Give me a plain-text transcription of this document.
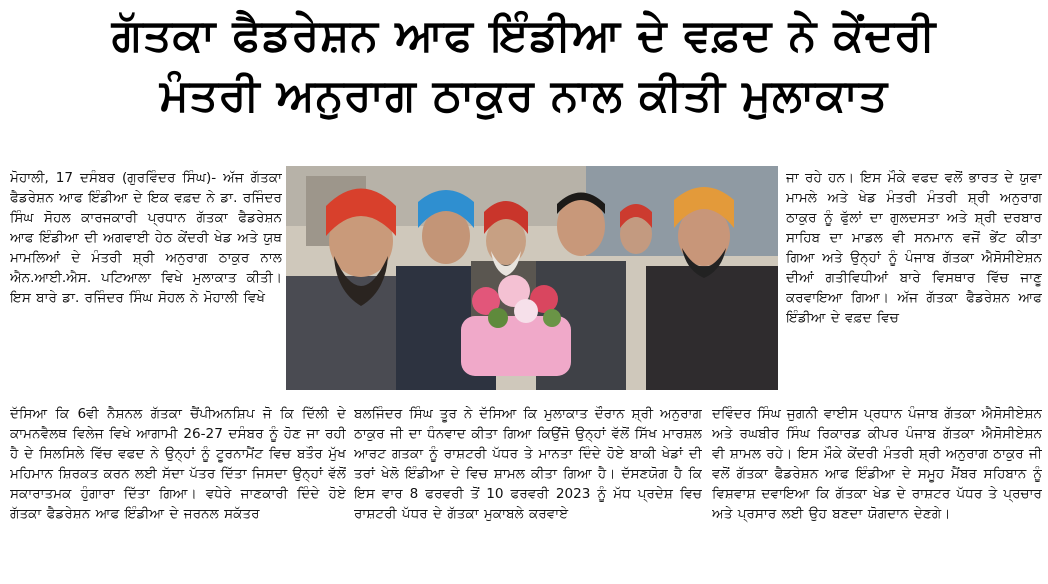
ਗੱਤਕਾ ਫੈਡਰੇਸ਼ਨ ਆਫ ਇੰਡੀਆ ਦੇ ਵਫ਼ਦ ਨੇ ਕੇਂਦਰੀ
ਮੰਤਰੀ ਅਨੁਰਾਗ ਠਾਕੁਰ ਨਾਲ ਕੀਤੀ ਮੁਲਾਕਾਤ
ਮੋਹਾਲੀ, 17 ਦਸੰਬਰ (ਗੁਰਵਿੰਦਰ ਸਿੰਘ)- ਅੱਜ ਗੱਤਕਾ ਫੈਡਰੇਸ਼ਨ ਆਫ ਇੰਡੀਆ ਦੇ ਇਕ ਵਫ਼ਦ ਨੇ ਡਾ. ਰਜਿੰਦਰ ਸਿੰਘ ਸੋਹਲ ਕਾਰਜਕਾਰੀ ਪ੍ਰਧਾਨ ਗੱਤਕਾ ਫੈਡਰੇਸ਼ਨ ਆਫ ਇੰਡੀਆ ਦੀ ਅਗਵਾਈ ਹੇਠ ਕੇਂਦਰੀ ਖੇਡ ਅਤੇ ਯੁਥ ਮਾਮਲਿਆਂ ਦੇ ਮੰਤਰੀ ਸ਼੍ਰੀ ਅਨੁਰਾਗ ਠਾਕੁਰ ਨਾਲ ਐਨ.ਆਈ.ਐਸ. ਪਟਿਆਲਾ ਵਿਖੇ ਮੁਲਾਕਾਤ ਕੀਤੀ। ਇਸ ਬਾਰੇ ਡਾ. ਰਜਿੰਦਰ ਸਿੰਘ ਸੋਹਲ ਨੇ ਮੋਹਾਲੀ ਵਿਖੇ
ਜਾ ਰਹੇ ਹਨ। ਇਸ ਮੌਕੇ ਵਫਦ ਵਲੋਂ ਭਾਰਤ ਦੇ ਯੁਵਾ ਮਾਮਲੇ ਅਤੇ ਖੇਡ ਮੰਤਰੀ ਮੰਤਰੀ ਸ਼੍ਰੀ ਅਨੁਰਾਗ ਠਾਕੁਰ ਨੂੰ ਫੁੱਲਾਂ ਦਾ ਗੁਲਦਸਤਾ ਅਤੇ ਸ਼੍ਰੀ ਦਰਬਾਰ ਸਾਹਿਬ ਦਾ ਮਾਡਲ ਵੀ ਸਨਮਾਨ ਵਜੋਂ ਭੇਂਟ ਕੀਤਾ ਗਿਆ ਅਤੇ ਉਨ੍ਹਾਂ ਨੂੰ ਪੰਜਾਬ ਗੱਤਕਾ ਐਸੋਸੀਏਸ਼ਨ ਦੀਆਂ ਗਤੀਵਿਧੀਆਂ ਬਾਰੇ ਵਿਸਥਾਰ ਵਿੱਚ ਜਾਣੂ ਕਰਵਾਇਆ ਗਿਆ। ਅੱਜ ਗੱਤਕਾ ਫੈਡਰੇਸ਼ਨ ਆਫ ਇੰਡੀਆ ਦੇ ਵਫ਼ਦ ਵਿਚ
ਦੱਸਿਆ ਕਿ 6ਵੀ ਨੈਸ਼ਨਲ ਗੱਤਕਾ ਚੈਂਪੀਅਨਸ਼ਿਪ ਜੋ ਕਿ ਦਿੱਲੀ ਦੇ ਕਾਮਨਵੈਲਥ ਵਿਲੇਜ ਵਿਖੇ ਆਗਾਮੀ 26-27 ਦਸੰਬਰ ਨੂੰ ਹੋਣ ਜਾ ਰਹੀ ਹੈ ਦੇ ਸਿਲਸਿਲੇ ਵਿੱਚ ਵਫਦ ਨੇ ਉਨ੍ਹਾਂ ਨੂੰ ਟੂਰਨਾਮੈਂਟ ਵਿਚ ਬਤੌਰ ਮੁੱਖ ਮਹਿਮਾਨ ਸ਼ਿਰਕਤ ਕਰਨ ਲਈ ਸੱਦਾ ਪੱਤਰ ਦਿੱਤਾ ਜਿਸਦਾ ਉਨ੍ਹਾਂ ਵੱਲੋਂ ਸਕਾਰਾਤਮਕ ਹੁੰਗਾਰਾ ਦਿੱਤਾ ਗਿਆ। ਵਧੇਰੇ ਜਾਣਕਾਰੀ ਦਿੰਦੇ ਹੋਏ ਗੱਤਕਾ ਫੈਡਰੇਸ਼ਨ ਆਫ ਇੰਡੀਆ ਦੇ ਜਰਨਲ ਸਕੱਤਰ
ਬਲਜਿੰਦਰ ਸਿੰਘ ਤੂਰ ਨੇ ਦੱਸਿਆ ਕਿ ਮੁਲਾਕਾਤ ਦੌਰਾਨ ਸ਼੍ਰੀ ਅਨੁਰਾਗ ਠਾਕੁਰ ਜੀ ਦਾ ਧੰਨਵਾਦ ਕੀਤਾ ਗਿਆ ਕਿਉਂਜੋ ਉਨ੍ਹਾਂ ਵੱਲੋਂ ਸਿੱਖ ਮਾਰਸ਼ਲ ਆਰਟ ਗਤਕਾ ਨੂੰ ਰਾਸ਼ਟਰੀ ਪੱਧਰ ਤੇ ਮਾਨਤਾ ਦਿੰਦੇ ਹੋਏ ਬਾਕੀ ਖੇਡਾਂ ਦੀ ਤਰਾਂ ਖੇਲੋ ਇੰਡੀਆ ਦੇ ਵਿਚ ਸ਼ਾਮਲ ਕੀਤਾ ਗਿਆ ਹੈ। ਦੱਸਣਯੋਗ ਹੈ ਕਿ ਇਸ ਵਾਰ 8 ਫਰਵਰੀ ਤੋਂ 10 ਫਰਵਰੀ 2023 ਨੂੰ ਮੱਧ ਪ੍ਰਦੇਸ਼ ਵਿਚ ਰਾਸ਼ਟਰੀ ਪੱਧਰ ਦੇ ਗੱਤਕਾ ਮੁਕਾਬਲੇ ਕਰਵਾਏ
ਦਵਿੰਦਰ ਸਿੰਘ ਜੁਗਨੀ ਵਾਈਸ ਪ੍ਰਧਾਨ ਪੰਜਾਬ ਗੱਤਕਾ ਐਸੋਸੀਏਸ਼ਨ ਅਤੇ ਰਘਬੀਰ ਸਿੰਘ ਰਿਕਾਰਡ ਕੀਪਰ ਪੰਜਾਬ ਗੱਤਕਾ ਐਸੋਸੀਏਸ਼ਨ ਵੀ ਸ਼ਾਮਲ ਰਹੇ। ਇਸ ਮੌਕੇ ਕੇਂਦਰੀ ਮੰਤਰੀ ਸ਼੍ਰੀ ਅਨੁਰਾਗ ਠਾਕੁਰ ਜੀ ਵਲੋਂ ਗੱਤਕਾ ਫੈਡਰੇਸ਼ਨ ਆਫ ਇੰਡੀਆ ਦੇ ਸਮੂਹ ਮੈਂਬਰ ਸਹਿਬਾਨ ਨੂੰ ਵਿਸ਼ਵਾਸ਼ ਦਵਾਇਆ ਕਿ ਗੱਤਕਾ ਖੇਡ ਦੇ ਰਾਸ਼ਟਰ ਪੱਧਰ ਤੇ ਪ੍ਰਚਾਰ ਅਤੇ ਪ੍ਰਸਾਰ ਲਈ ਉਹ ਬਣਦਾ ਯੋਗਦਾਨ ਦੇਣਗੇ।
